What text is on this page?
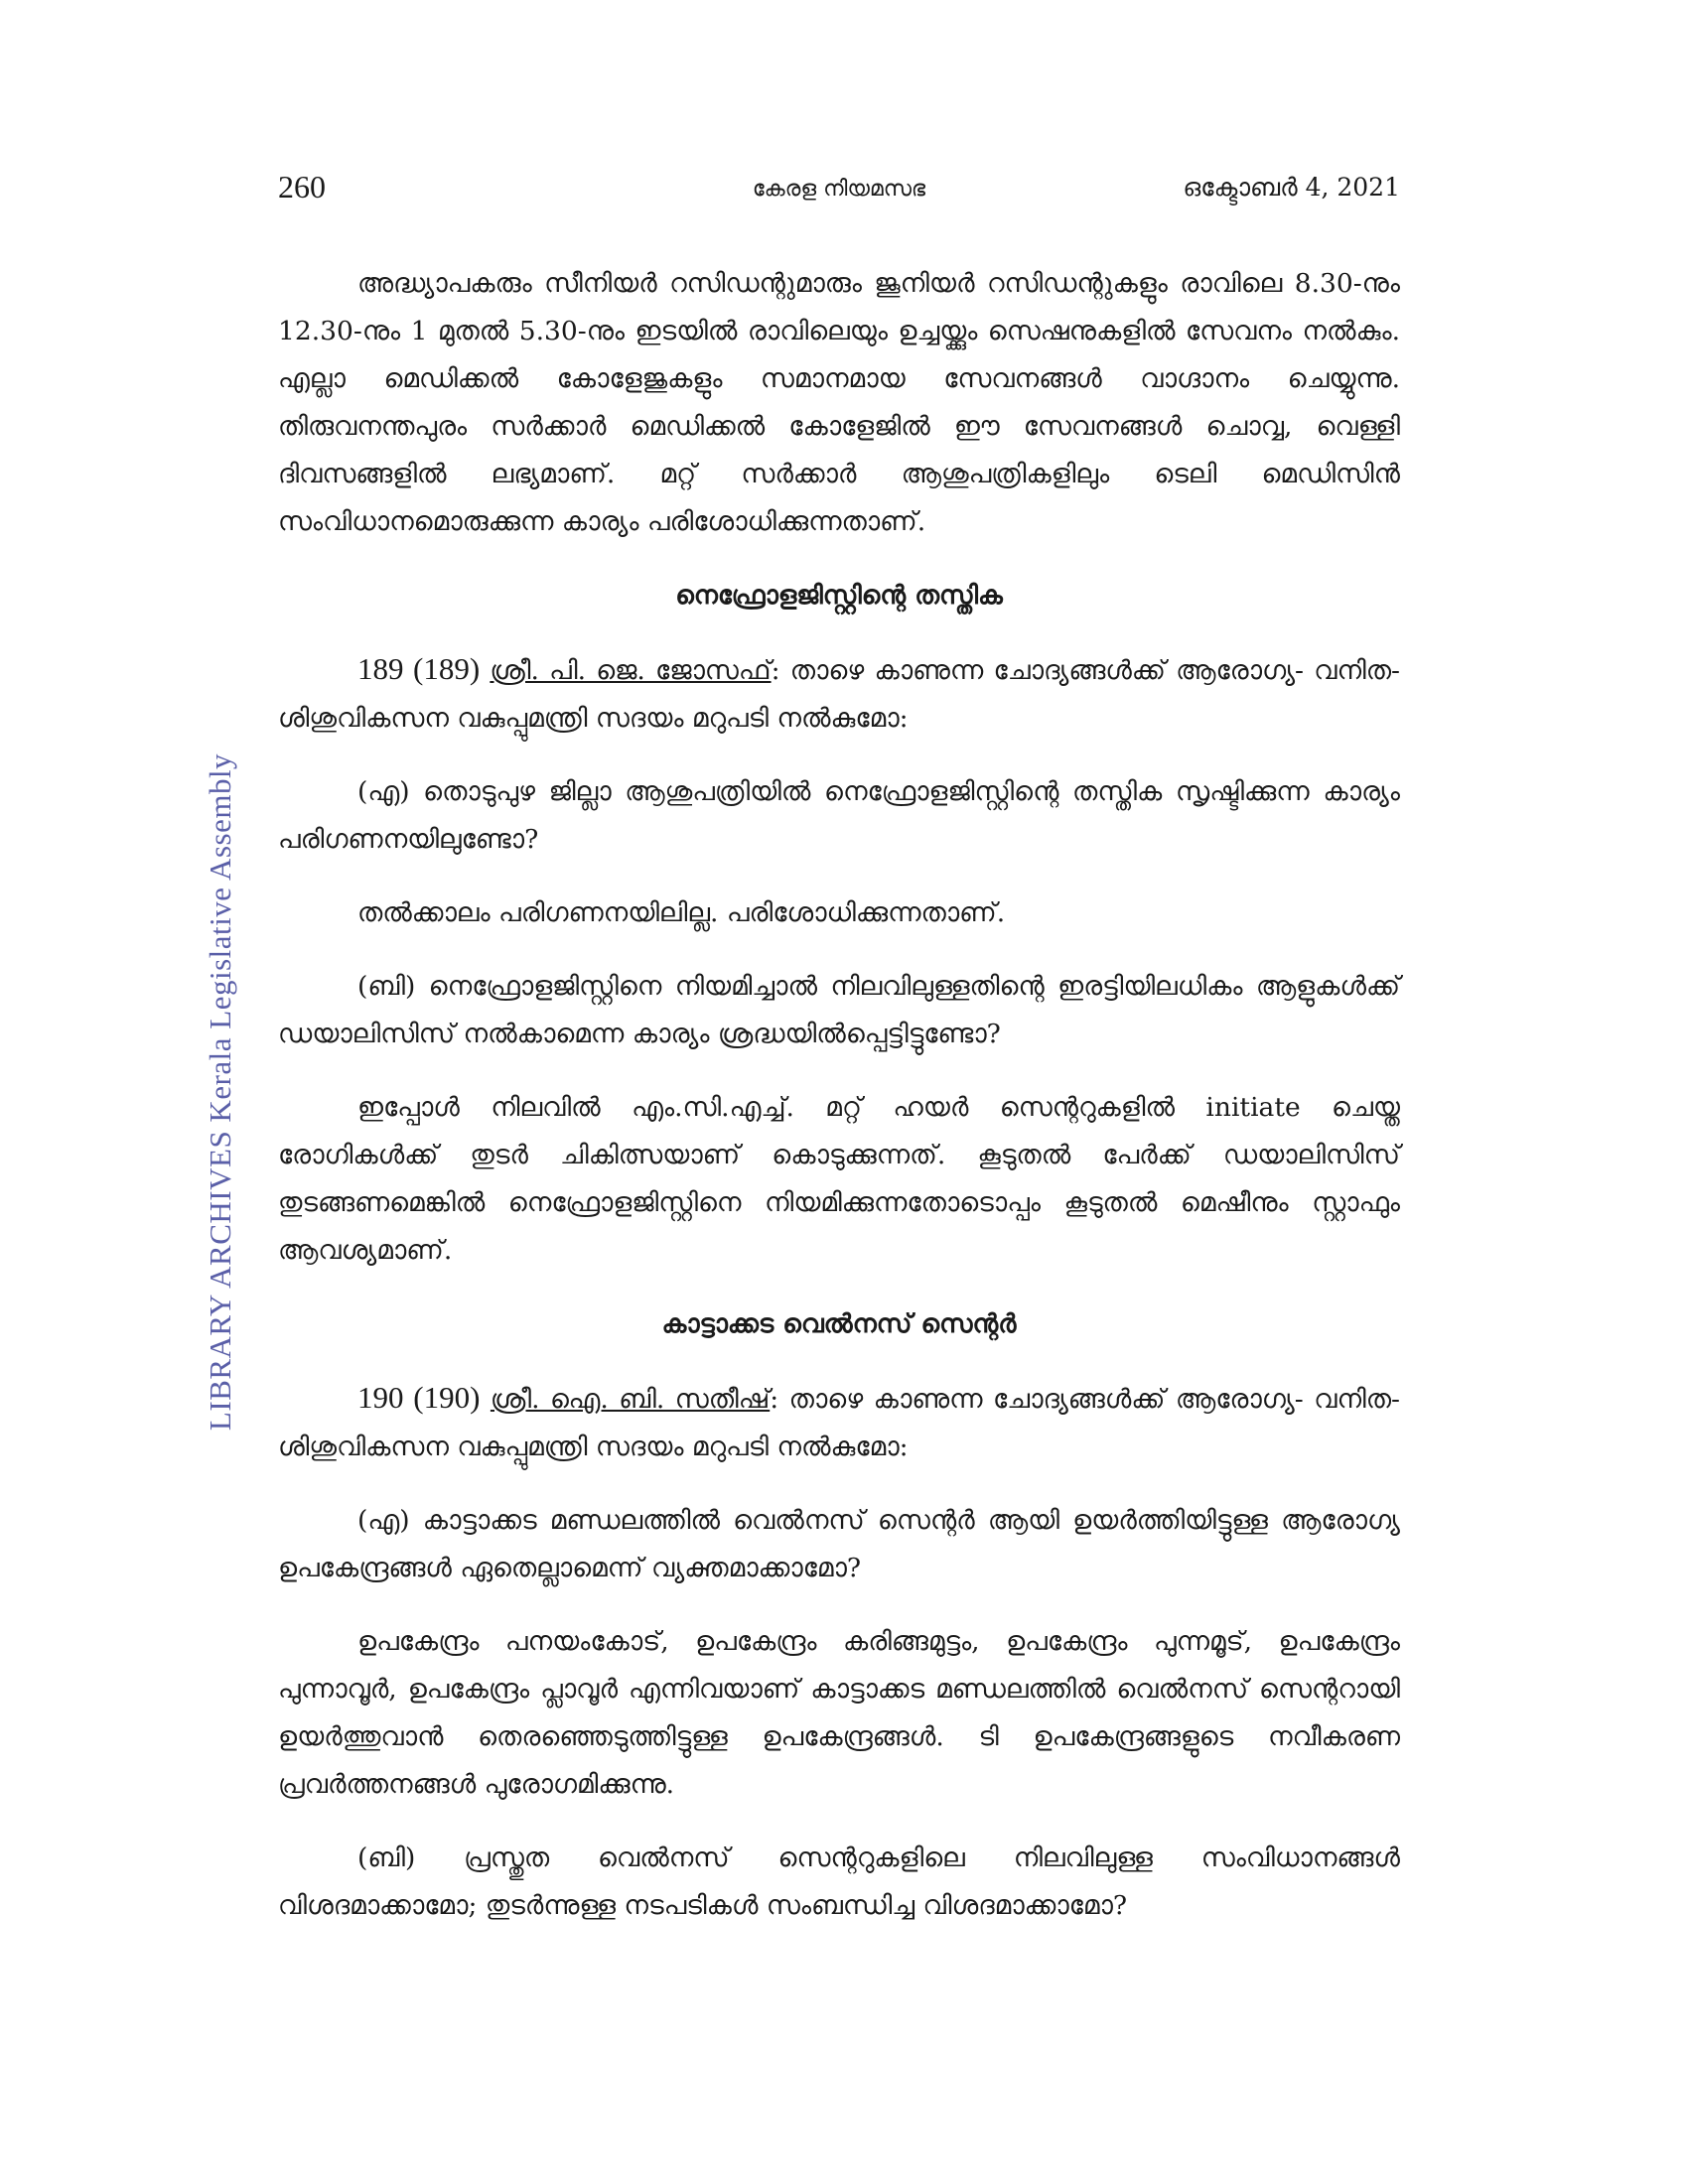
LIBRARY ARCHIVES Kerala Legislative Assembly
260	കേരള നിയമസഭ	ഒക്ടോബർ 4, 2021

അദ്ധ്യാപകരും സീനിയർ റസിഡന്റുമാരും ജൂനിയർ റസിഡന്റുകളും രാവിലെ 8.30-നും 12.30-നും 1 മുതൽ 5.30-നും ഇടയിൽ രാവിലെയും ഉച്ചയ്ക്കും സെഷനുകളിൽ സേവനം നൽകും. എല്ലാ മെഡിക്കൽ കോളേജുകളും സമാനമായ സേവനങ്ങൾ വാഗ്ദാനം ചെയ്യുന്നു. തിരുവനന്തപുരം സർക്കാർ മെഡിക്കൽ കോളേജിൽ ഈ സേവനങ്ങൾ ചൊവ്വ, വെള്ളി ദിവസങ്ങളിൽ ലഭ്യമാണ്. മറ്റ് സർക്കാർ ആശുപത്രികളിലും ടെലി മെഡിസിൻ സംവിധാനമൊരുക്കുന്ന കാര്യം പരിശോധിക്കുന്നതാണ്.

നെഫ്രോളജിസ്റ്റിന്റെ തസ്തിക

189 (189) ശ്രീ. പി. ജെ. ജോസഫ്: താഴെ കാണുന്ന ചോദ്യങ്ങൾക്ക് ആരോഗ്യ- വനിത-ശിശുവികസന വകുപ്പുമന്ത്രി സദയം മറുപടി നൽകുമോ:

(എ) തൊടുപുഴ ജില്ലാ ആശുപത്രിയിൽ നെഫ്രോളജിസ്റ്റിന്റെ തസ്തിക സൃഷ്ടിക്കുന്ന കാര്യം പരിഗണനയിലുണ്ടോ?

തൽക്കാലം പരിഗണനയിലില്ല. പരിശോധിക്കുന്നതാണ്.

(ബി) നെഫ്രോളജിസ്റ്റിനെ നിയമിച്ചാൽ നിലവിലുള്ളതിന്റെ ഇരട്ടിയിലധികം ആളുകൾക്ക് ഡയാലിസിസ് നൽകാമെന്ന കാര്യം ശ്രദ്ധയിൽപ്പെട്ടിട്ടുണ്ടോ?

ഇപ്പോൾ നിലവിൽ എം.സി.എച്ച്. മറ്റ് ഹയർ സെന്ററുകളിൽ initiate ചെയ്ത രോഗികൾക്ക് തുടർ ചികിത്സയാണ് കൊടുക്കുന്നത്. കൂടുതൽ പേർക്ക് ഡയാലിസിസ് തുടങ്ങണമെങ്കിൽ നെഫ്രോളജിസ്റ്റിനെ നിയമിക്കുന്നതോടൊപ്പം കൂടുതൽ മെഷീനും സ്റ്റാഫും ആവശ്യമാണ്.

കാട്ടാക്കട വെൽനസ് സെന്റർ

190 (190) ശ്രീ. ഐ. ബി. സതീഷ്: താഴെ കാണുന്ന ചോദ്യങ്ങൾക്ക് ആരോഗ്യ- വനിത-ശിശുവികസന വകുപ്പുമന്ത്രി സദയം മറുപടി നൽകുമോ:

(എ) കാട്ടാക്കട മണ്ഡലത്തിൽ വെൽനസ് സെന്റർ ആയി ഉയർത്തിയിട്ടുള്ള ആരോഗ്യ ഉപകേന്ദ്രങ്ങൾ ഏതെല്ലാമെന്ന് വ്യക്തമാക്കാമോ?

ഉപകേന്ദ്രം പനയംകോട്, ഉപകേന്ദ്രം കരിങ്ങമുട്ടം, ഉപകേന്ദ്രം പുന്നമൂട്, ഉപകേന്ദ്രം പുന്നാവൂർ, ഉപകേന്ദ്രം പ്ലാവൂർ എന്നിവയാണ് കാട്ടാക്കട മണ്ഡലത്തിൽ വെൽനസ് സെന്ററായി ഉയർത്തുവാൻ തെരഞ്ഞെടുത്തിട്ടുള്ള ഉപകേന്ദ്രങ്ങൾ. ടി ഉപകേന്ദ്രങ്ങളുടെ നവീകരണ പ്രവർത്തനങ്ങൾ പുരോഗമിക്കുന്നു.

(ബി) പ്രസ്തുത വെൽനസ് സെന്ററുകളിലെ നിലവിലുള്ള സംവിധാനങ്ങൾ വിശദമാക്കാമോ; തുടർന്നുള്ള നടപടികൾ സംബന്ധിച്ച വിശദമാക്കാമോ?
